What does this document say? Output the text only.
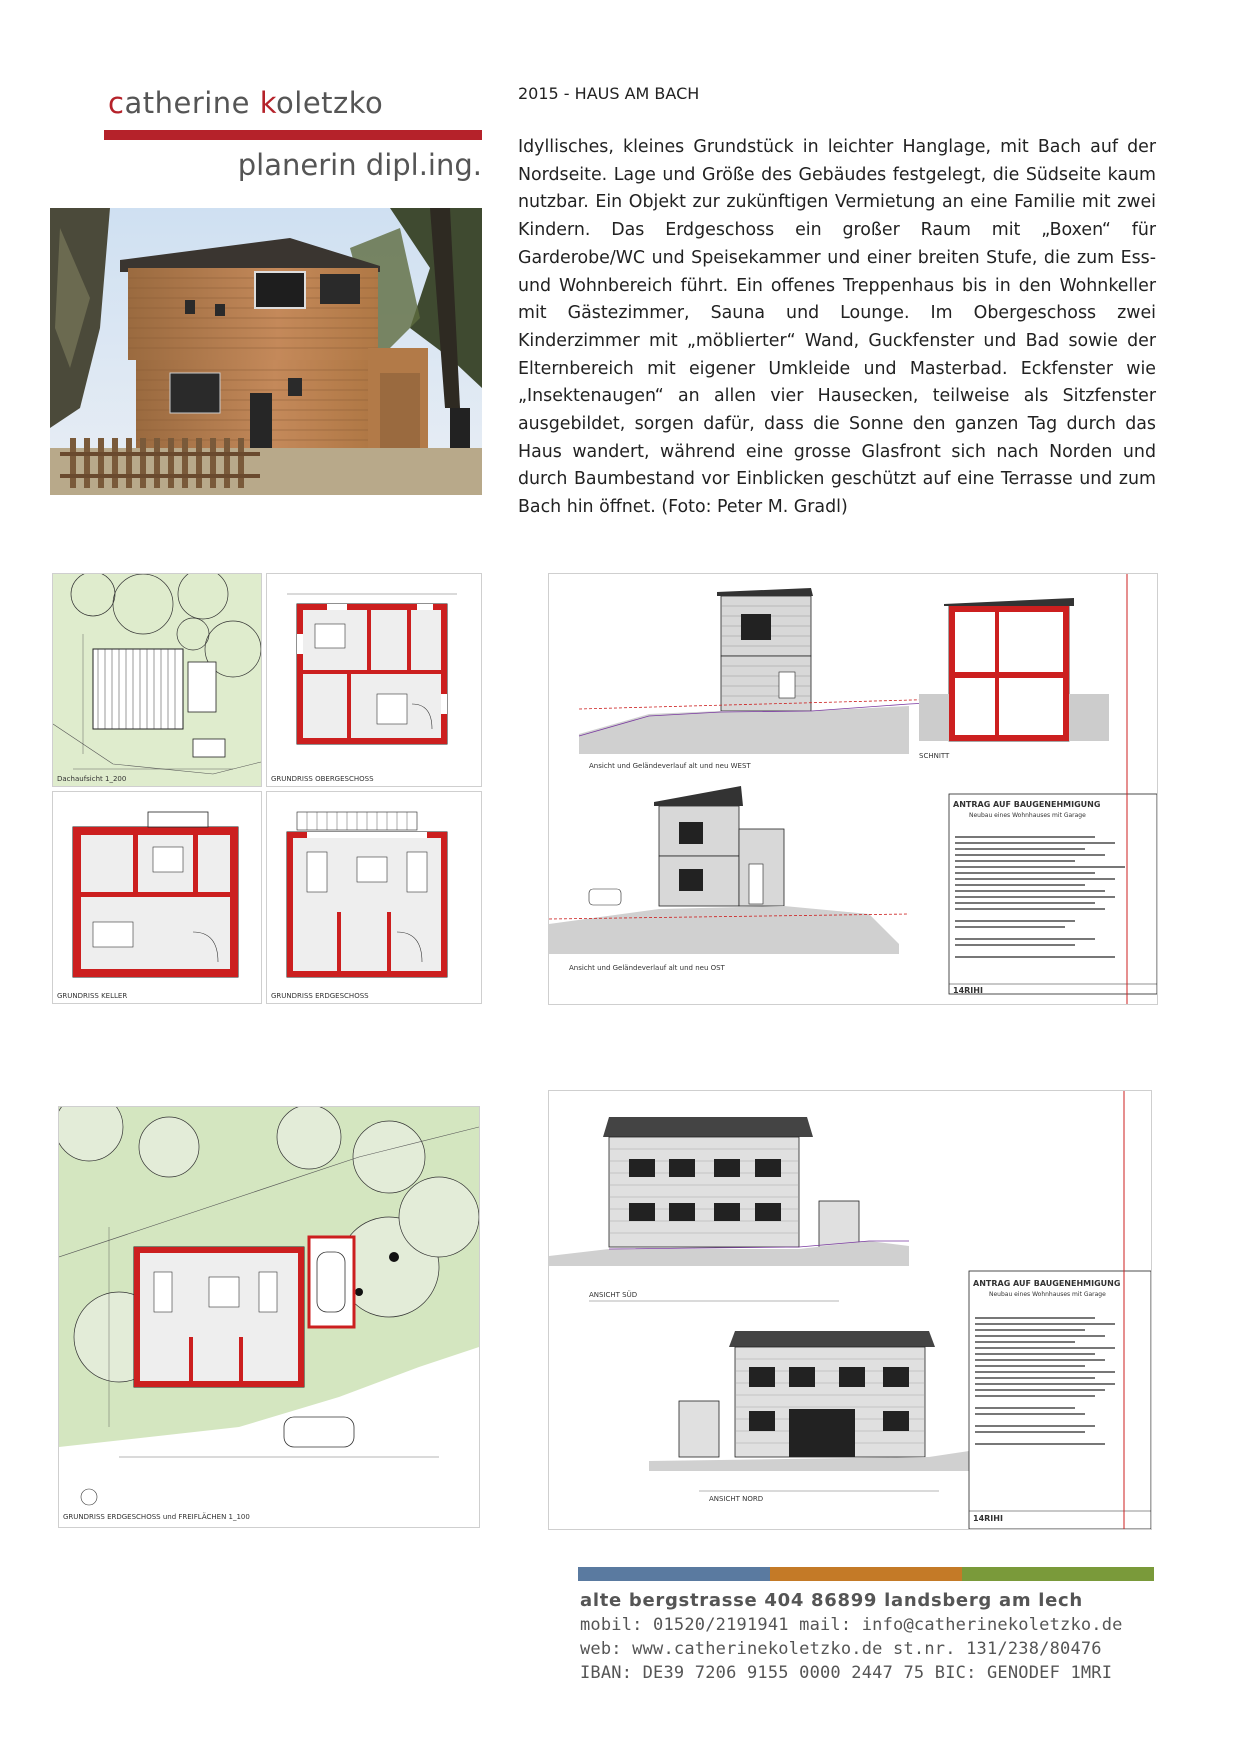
catherine koletzko
planerin dipl.ing.
2015 - HAUS AM BACH
Idyllisches, kleines Grundstück in leichter Hanglage, mit Bach auf der Nordseite. Lage und Größe des Gebäudes festgelegt, die Südseite kaum nutzbar. Ein Objekt zur zukünftigen Vermietung an eine Familie mit zwei Kindern. Das Erdgeschoss ein großer Raum mit „Boxen“ für Garderobe/WC und Speisekammer und einer breiten Stufe, die zum Ess- und Wohnbereich führt. Ein offenes Treppenhaus bis in den Wohnkeller mit Gästezimmer, Sauna und Lounge. Im Obergeschoss zwei Kinderzimmer mit „möblierter“ Wand, Guckfenster und Bad sowie der Elternbereich mit eigener Umkleide und Masterbad. Eckfenster wie „Insektenaugen“ an allen vier Hausecken, teilweise als Sitzfenster ausgebildet, sorgen dafür, dass die Sonne den ganzen Tag durch das Haus wandert, während eine grosse Glasfront sich nach Norden und durch Baumbestand vor Einblicken geschützt auf eine Terrasse und zum Bach hin öffnet. (Foto: Peter M. Gradl)
Dachaufsicht 1_200	GRUNDRISS OBERGESCHOSS
GRUNDRISS KELLER	GRUNDRISS ERDGESCHOSS
Ansicht und Geländeverlauf alt und neu WEST
SCHNITT
Ansicht und Geländeverlauf alt und neu OST
ANTRAG AUF BAUGENEHMIGUNG
Neubau eines Wohnhauses mit Garage
14RIHI
GRUNDRISS ERDGESCHOSS und FREIFLÄCHEN 1_100
ANSICHT SÜD
ANSICHT NORD
ANTRAG AUF BAUGENEHMIGUNG
Neubau eines Wohnhauses mit Garage
14RIHI
alte bergstrasse 404 86899 landsberg am lech
mobil: 01520/2191941 mail: info@catherinekoletzko.de
web: www.catherinekoletzko.de st.nr. 131/238/80476
IBAN: DE39 7206 9155 0000 2447 75 BIC: GENODEF 1MRI
